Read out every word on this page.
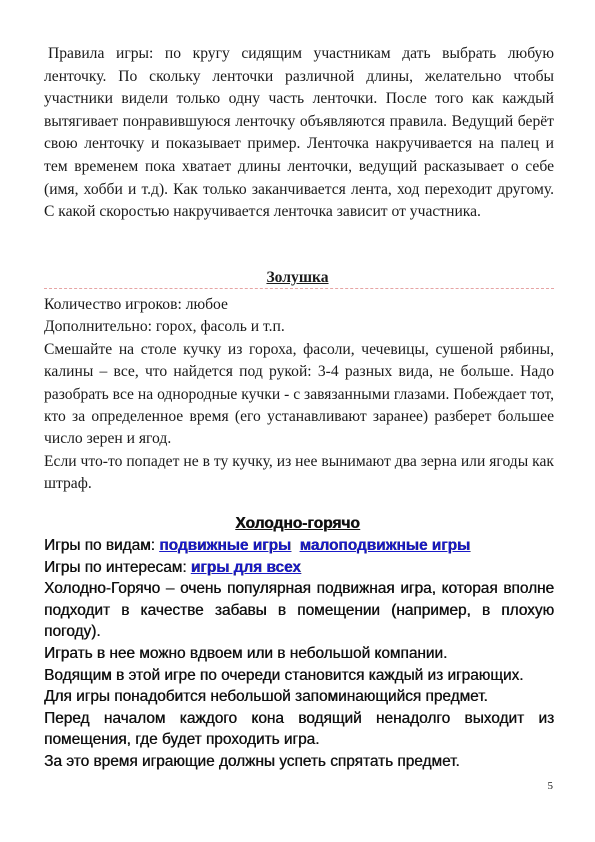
Правила игры: по кругу сидящим участникам дать выбрать любую ленточку. По скольку ленточки различной длины, желательно чтобы участники видели только одну часть ленточки. После того как каждый вытягивает понравившуюся ленточку объявляются правила. Ведущий берёт свою ленточку и показывает пример. Ленточка накручивается на палец и тем временем пока хватает длины ленточки, ведущий расказывает о себе (имя, хобби и т.д). Как только заканчивается лента, ход переходит другому. С какой скоростью накручивается ленточка зависит от участника.

Золушка

Количество игроков: любое

Дополнительно: горох, фасоль и т.п.

Смешайте на столе кучку из гороха, фасоли, чечевицы, сушеной рябины, калины – все, что найдется под рукой: 3-4 разных вида, не больше. Надо разобрать все на однородные кучки - с завязанными глазами. Побеждает тот, кто за определенное время (его устанавливают заранее) разберет большее число зерен и ягод.

Если что-то попадет не в ту кучку, из нее вынимают два зерна или ягоды как штраф.

Холодно-горячо

Игры по видам: подвижные игры малоподвижные игры

Игры по интересам: игры для всех

Холодно-Горячо – очень популярная подвижная игра, которая вполне подходит в качестве забавы в помещении (например, в плохую погоду).

Играть в нее можно вдвоем или в небольшой компании.

Водящим в этой игре по очереди становится каждый из играющих.

Для игры понадобится небольшой запоминающийся предмет.

Перед началом каждого кона водящий ненадолго выходит из помещения, где будет проходить игра.

За это время играющие должны успеть спрятать предмет.

5
